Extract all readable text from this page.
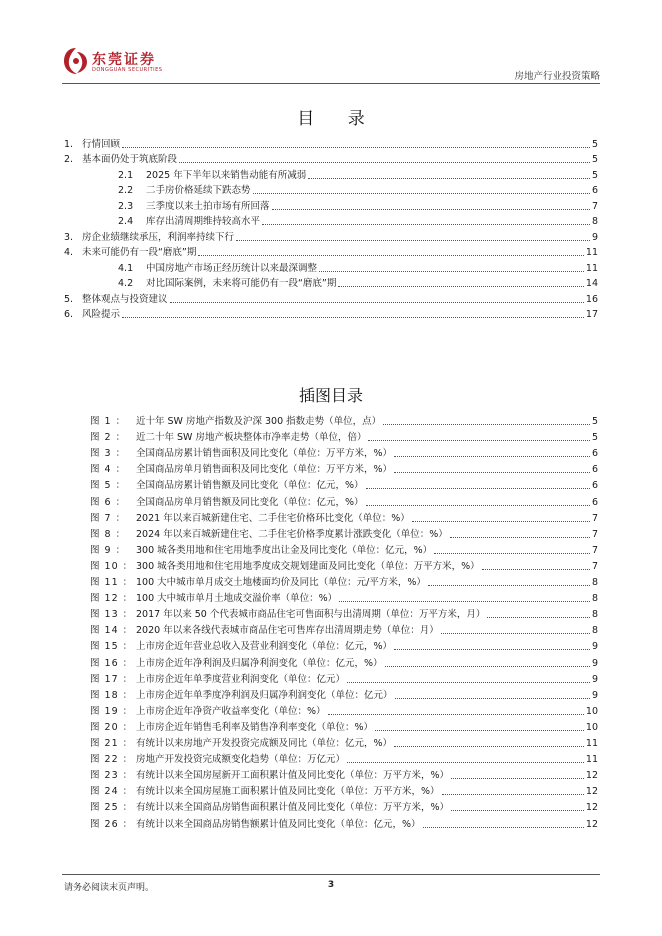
东莞证券
DONGGUAN SECURITIES
房地产行业投资策略
目 录
1. 行情回顾	5
2. 基本面仍处于筑底阶段	5
2.1	2025 年下半年以来销售动能有所减弱	5
2.2	二手房价格延续下跌态势	6
2.3	三季度以来土拍市场有所回落	7
2.4	库存出清周期维持较高水平	8
3. 房企业绩继续承压，利润率持续下行	9
4. 未来可能仍有一段“磨底”期	11
4.1	中国房地产市场正经历统计以来最深调整	11
4.2	对比国际案例，未来将可能仍有一段“磨底”期	14
5. 整体观点与投资建议	16
6. 风险提示	17
插图目录
图 1 ：	近十年 SW 房地产指数及沪深 300 指数走势（单位，点）	5
图 2 ：	近二十年 SW 房地产板块整体市净率走势（单位，倍）	5
图 3 ：	全国商品房累计销售面积及同比变化（单位：万平方米，%）	6
图 4 ：	全国商品房单月销售面积及同比变化（单位：万平方米，%）	6
图 5 ：	全国商品房累计销售额及同比变化（单位：亿元，%）	6
图 6 ：	全国商品房单月销售额及同比变化（单位：亿元，%）	6
图 7 ：	2021 年以来百城新建住宅、二手住宅价格环比变化（单位：%）	7
图 8 ：	2024 年以来百城新建住宅、二手住宅价格季度累计涨跌变化（单位：%）	7
图 9 ：	300 城各类用地和住宅用地季度出让金及同比变化（单位：亿元，%）	7
图 10 ： 300 城各类用地和住宅用地季度成交规划建面及同比变化（单位：万平方米，%）	7
图 11 ： 100 大中城市单月成交土地楼面均价及同比（单位：元/平方米，%）	8
图 12 ： 100 大中城市单月土地成交溢价率（单位：%）	8
图 13 ： 2017 年以来 50 个代表城市商品住宅可售面积与出清周期（单位：万平方米，月）	8
图 14 ： 2020 年以来各线代表城市商品住宅可售库存出清周期走势（单位：月）	8
图 15 ： 上市房企近年营业总收入及营业利润变化（单位：亿元，%）	9
图 16 ： 上市房企近年净利润及归属净利润变化（单位：亿元，%）	9
图 17 ： 上市房企近年单季度营业利润变化（单位：亿元）	9
图 18 ： 上市房企近年单季度净利润及归属净利润变化（单位：亿元）	9
图 19 ： 上市房企近年净资产收益率变化（单位：%）	10
图 20 ： 上市房企近年销售毛利率及销售净利率变化（单位：%）	10
图 21 ： 有统计以来房地产开发投资完成额及同比（单位：亿元，%）	11
图 22 ： 房地产开发投资完成额变化趋势（单位：万亿元）	11
图 23 ： 有统计以来全国房屋新开工面积累计值及同比变化（单位：万平方米，%）	12
图 24 ： 有统计以来全国房屋施工面积累计值及同比变化（单位：万平方米，%）	12
图 25 ： 有统计以来全国商品房销售面积累计值及同比变化（单位：万平方米，%）	12
图 26 ： 有统计以来全国商品房销售额累计值及同比变化（单位：亿元，%）	12
请务必阅读末页声明。	3
